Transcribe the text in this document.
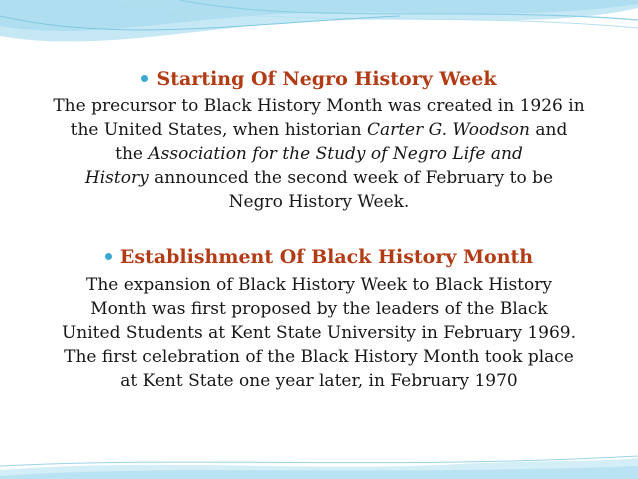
Starting Of Negro History Week

The precursor to Black History Month was created in 1926 in
the United States, when historian Carter G. Woodson and
the Association for the Study of Negro Life and
History announced the second week of February to be
Negro History Week.

Establishment Of Black History Month

The expansion of Black History Week to Black History
Month was first proposed by the leaders of the Black
United Students at Kent State University in February 1969.
The first celebration of the Black History Month took place
at Kent State one year later, in February 1970
